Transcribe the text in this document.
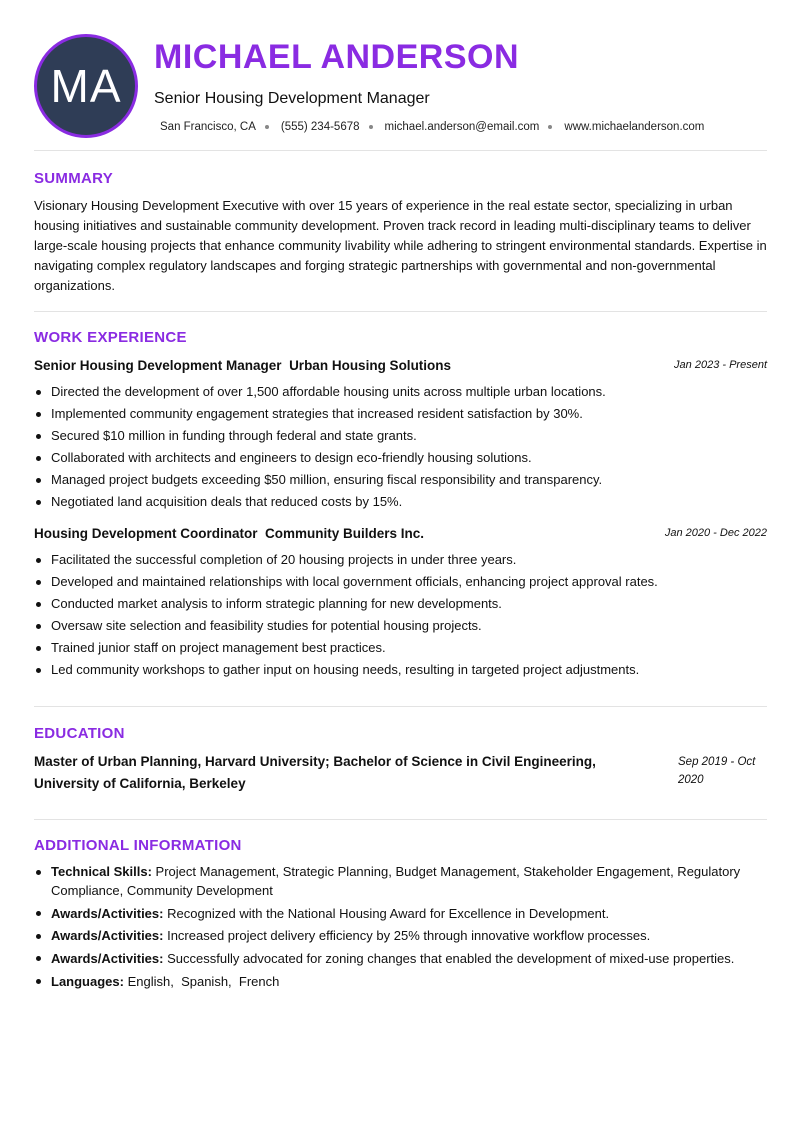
MA
MICHAEL ANDERSON
Senior Housing Development Manager
San Francisco, CA (555) 234-5678 michael.anderson@email.com www.michaelanderson.com
SUMMARY

Visionary Housing Development Executive with over 15 years of experience in the real estate sector, specializing in urban housing initiatives and sustainable community development. Proven track record in leading multi-disciplinary teams to deliver large-scale housing projects that enhance community livability while adhering to stringent environmental standards. Expertise in navigating complex regulatory landscapes and forging strategic partnerships with governmental and non-governmental organizations.

WORK EXPERIENCE
Senior Housing Development Manager Urban Housing Solutions	Jan 2023 - Present
Directed the development of over 1,500 affordable housing units across multiple urban locations.
Implemented community engagement strategies that increased resident satisfaction by 30%.
Secured $10 million in funding through federal and state grants.
Collaborated with architects and engineers to design eco-friendly housing solutions.
Managed project budgets exceeding $50 million, ensuring fiscal responsibility and transparency.
Negotiated land acquisition deals that reduced costs by 15%.
Housing Development Coordinator Community Builders Inc.	Jan 2020 - Dec 2022
Facilitated the successful completion of 20 housing projects in under three years.
Developed and maintained relationships with local government officials, enhancing project approval rates.
Conducted market analysis to inform strategic planning for new developments.
Oversaw site selection and feasibility studies for potential housing projects.
Trained junior staff on project management best practices.
Led community workshops to gather input on housing needs, resulting in targeted project adjustments.
EDUCATION
Master of Urban Planning, Harvard University; Bachelor of Science in Civil Engineering, University of California, Berkeley
Sep 2019 - Oct 2020
ADDITIONAL INFORMATION
Technical Skills: Project Management, Strategic Planning, Budget Management, Stakeholder Engagement, Regulatory Compliance, Community Development
Awards/Activities: Recognized with the National Housing Award for Excellence in Development.
Awards/Activities: Increased project delivery efficiency by 25% through innovative workflow processes.
Awards/Activities: Successfully advocated for zoning changes that enabled the development of mixed-use properties.
Languages: English,  Spanish,  French
